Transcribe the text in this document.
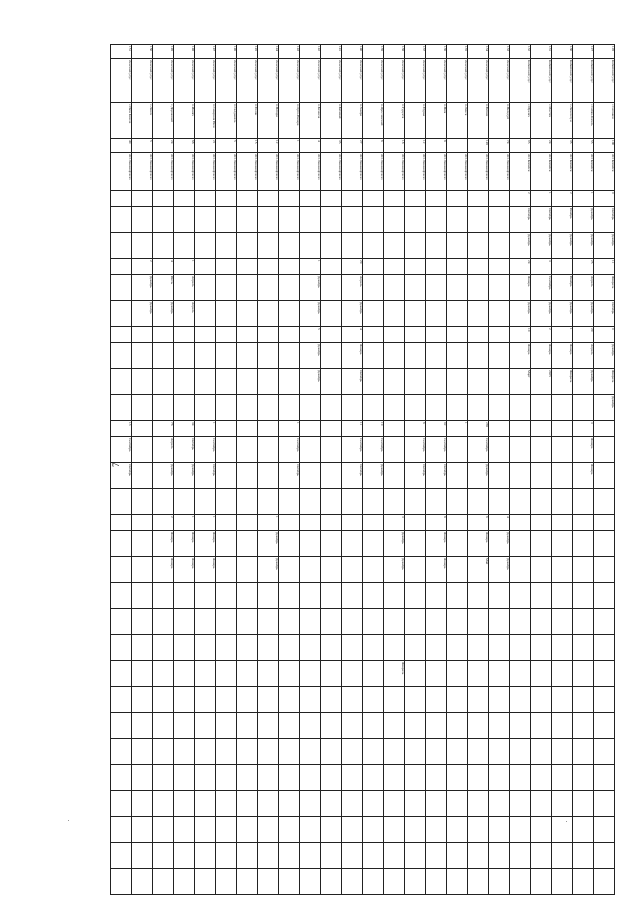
7
128	Кобяйский улус	с.Сегежен	100	АО Кобяйск	0	Октябрь	Декабрь	11	Февраль	Октябрь	0	Декабрь	Февраль	Декабрь																			
127	Кобяйский улус	с.Себян-Кюель	55	АО Кобяйск	1	Декабрь	Декабрь	25	Апрель	Декабрь	20	Апрель	Декабрь		3	Январь	Январь																
130	Кобяйский улус	с.Люксюгун	35	АО Кобяйск	2	Ноябрь	Декабрь		Ноябрь	Декабрь	1	Январь	Февраль																				
131	Кобяйский улус	с.Мастах	24	АО Кобяйск	1	Октябрь	Декабрь	3	Сентябрь	Декабрь	2	Январь	2025																				
132	Кобяйский улус	с.Ирэлях	95	АО Кобяйск	2	Октябрь	Декабрь	24	Январь	Декабрь	10	Январь	Март																				
133	Ленский улус	п.Пеледуй	74	АО Ленанефтегаз															4	Декабрь	Декабрь												
134	Ленский улус	п.Витим	145	АО Ленанефтегаз											265	Сентябрь	Декабрь		6	Январь	Май												
135	Ленский улус	п.Ленск		АО Ленанефтегаз											1																		
136	Ленский улус	п.Нюя	8	АО Ленанефтегаз											92	Сентябрь	Октябрь		8	Январь	Январь												
137	Ленский улус	п.Мурья	12	АО Ленанефтегаз											6	Сентябрь	Октябрь																
138	Ленский улус	п.Турукта	18	АО Ленанефтегаз															3	Декабрь	Декабрь				Февраль								
139	Ленский улус	п.Ярославский	6	АО Ленанефтегаз											19	Сентябрь	Декабрь																
140	Ленский улус	п.Хамра	27	АО Ленанефтегаз				29	Апрель	Декабрь	4	Январь	Октябрь		11	Сентябрь	Октябрь																
141	Ленский улус	п.Батамай	35	АО Ленанефтегаз																													
142	Ленский улус	п.Беченча	4	АО Ленанефтегаз				1	Декабрь	Декабрь	5	Декабрь	Декабрь																				
143	Ленский улус	п.Орто-Нахара	1	АО Ленанефтегаз											1	Сентябрь	Октябрь																
144	Ленский улус	п.Натора	12	АО Ленанефтегаз															1	Декабрь	Декабрь												
145	Ленский улус	п.Толон	15	АО Ленанефтегаз																													
146	Ленский улус	п.Салдыкель	5	АО Ленанефтегаз																													
147	Ленский улус	п.Северная Нюя	21	АО Ленанефтегаз											1	Сентябрь	Октябрь		1	Январь	Январь												
148	Ленский улус	п.Иннях	68	АО Ленанефтегаз				1	Апрель	Апрель					34	Октябрь	Декабрь		1	Январь	Январь												
149	Ленский улус	с.Дорожный	24	АО Ленанефтегаз				4	Июль	Декабрь					76	Апрель	Декабрь		2	Январь	Январь												
150	Ленский улус	с.Ленск	5	АО Ленанефтегаз				2	Декабрь	Декабрь																							
151	Ленский улус	с.Нюя Кюеле	49	АО Ленанефтегаз											13	Сентябрь	Октябрь																
